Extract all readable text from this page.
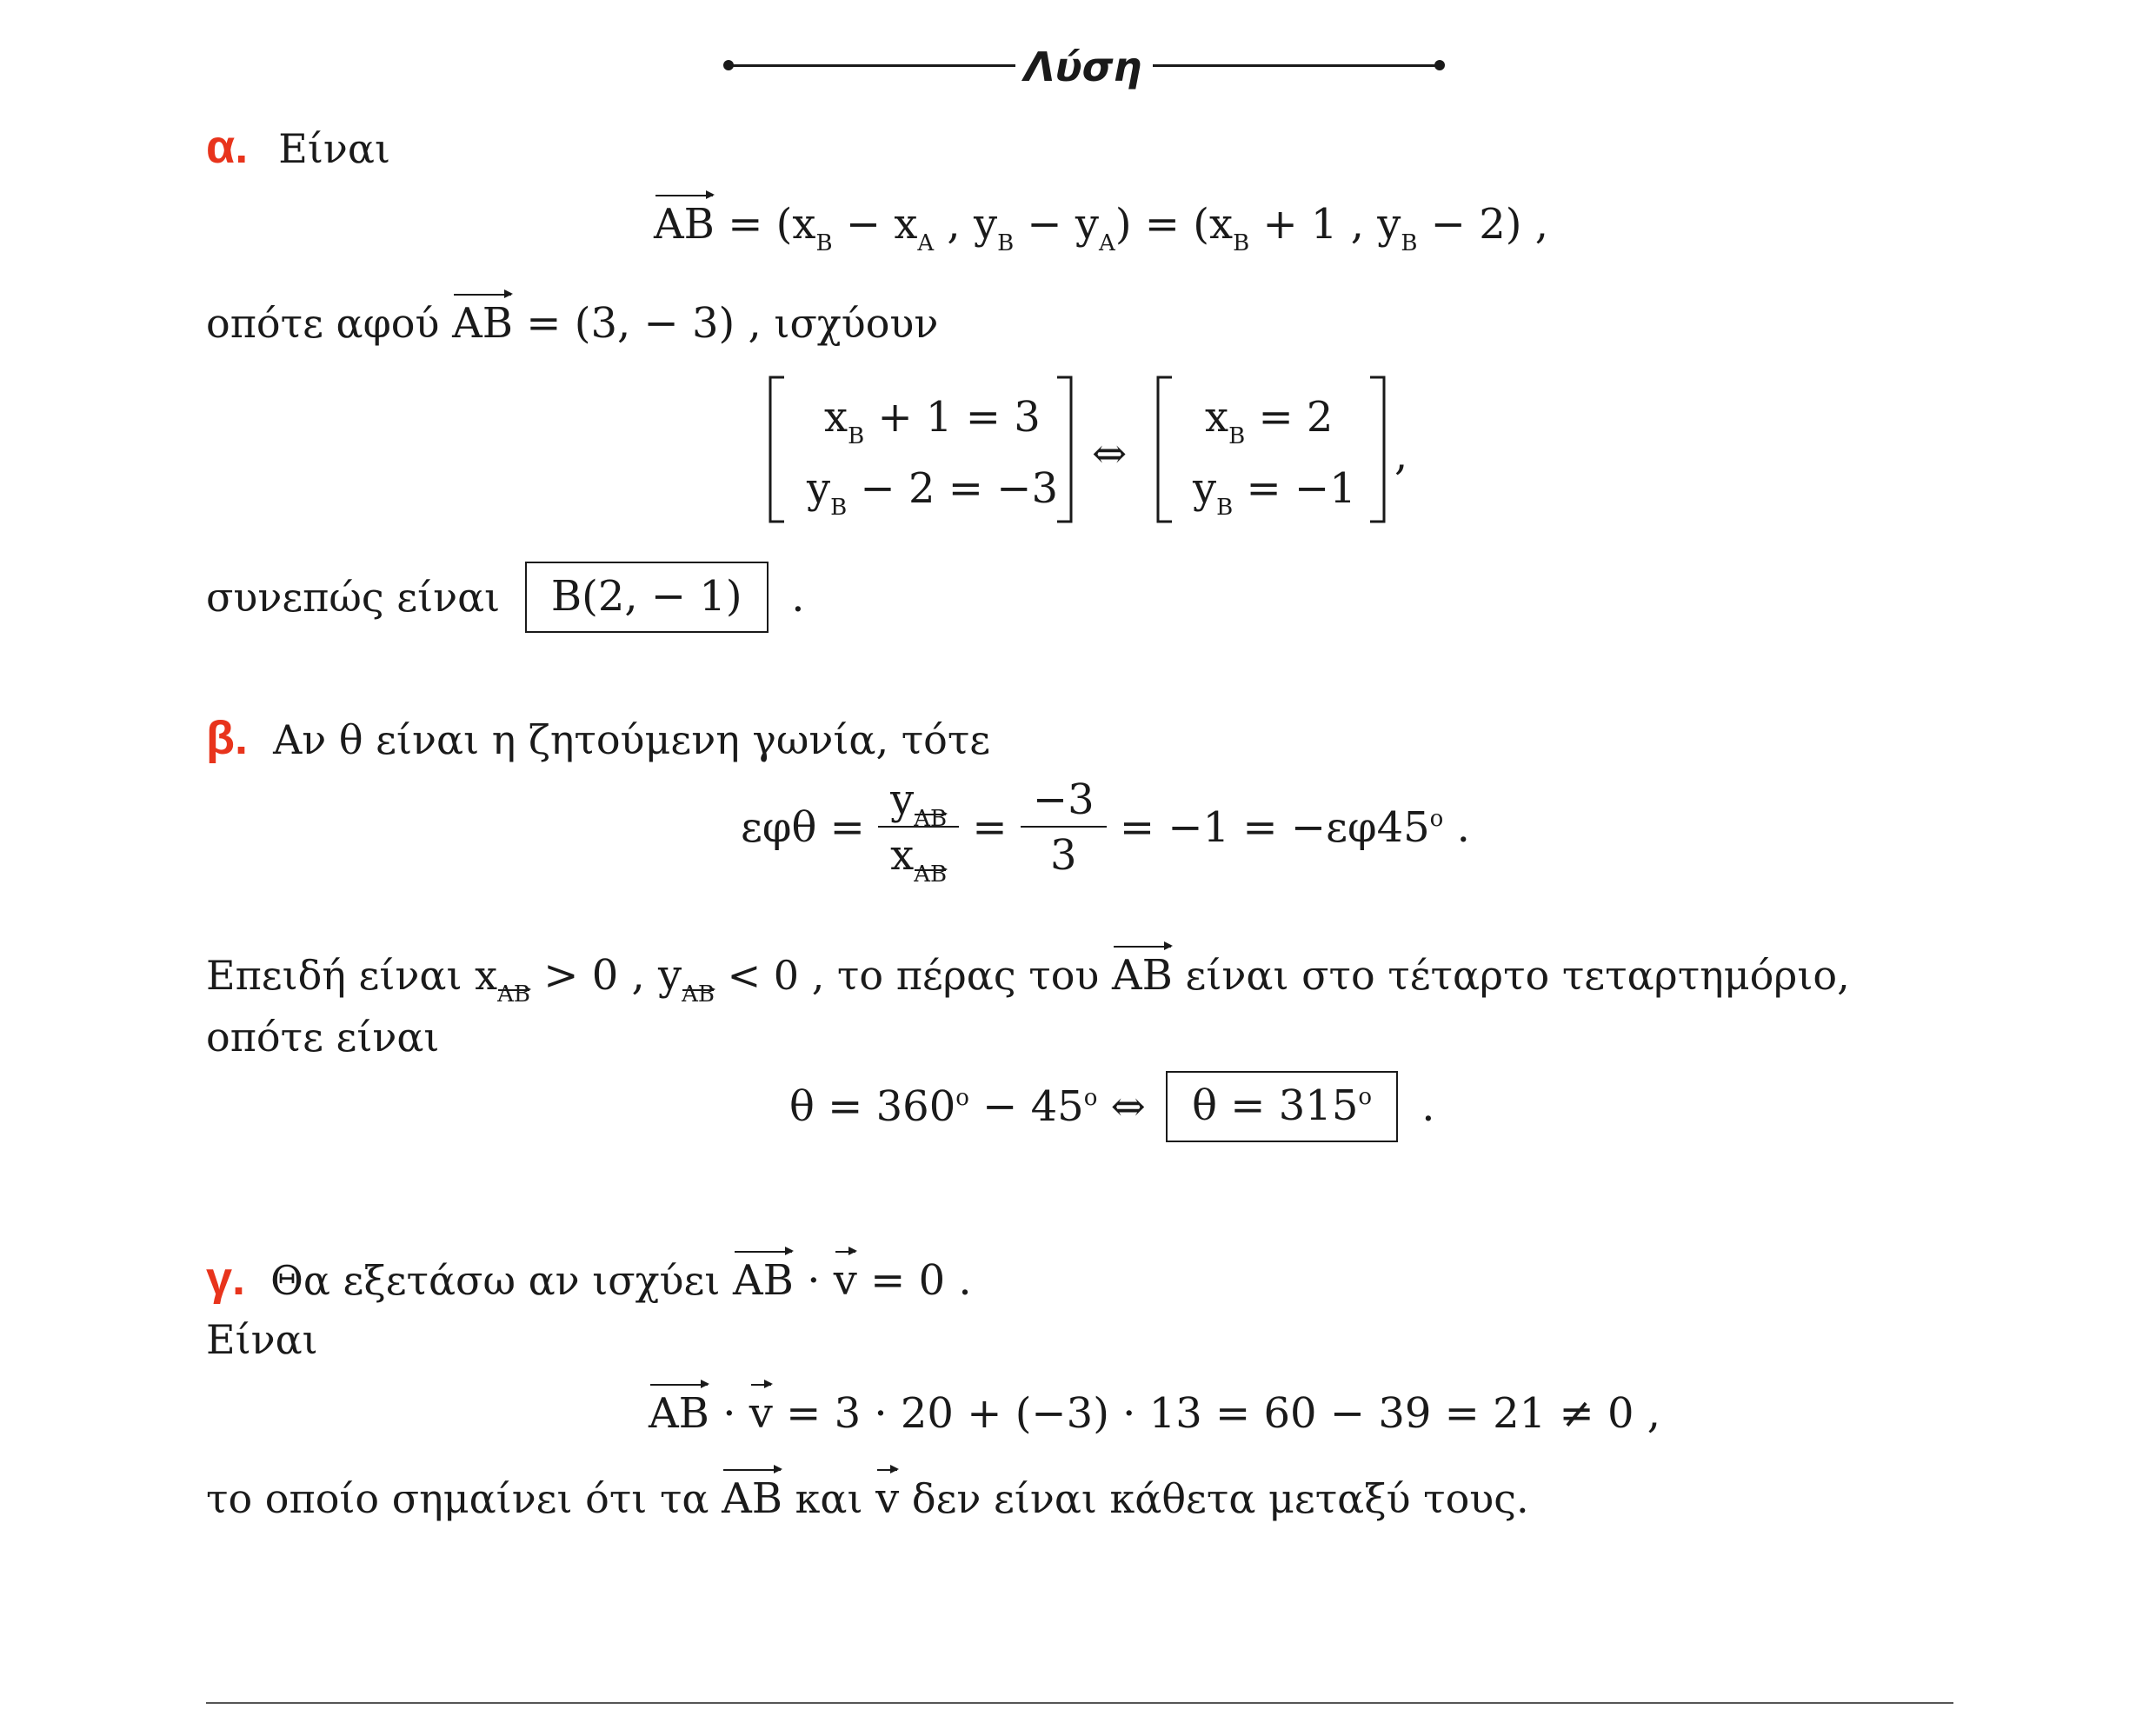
Λύση
α. Είναι
AB = ($x_B - x_A$ , $y_B - y_A) = (x_B + 1$ , $y_B - 2$) ,
οπότε αφού AB = (3, − 3) , ισχύουν
$x_B + 1 = 3$
$y_B - 2 = -3$
⇔
$x_B = 2$
$y_B = -1$
,
συνεπώς είναι B(2, − 1) .
β. Αν θ είναι η ζητούμενη γωνία, τότε
$\varepsilon\varphi\theta = \frac{y_{AB}}{x_{AB}} = \frac{-3}{3} = -1 = -\varepsilon\varphi 45^o$ .
Επειδή είναι $x_{AB} > 0$ , $y_{AB} < 0$ , το πέρας του AB είναι στο τέταρτο τεταρτημόριο,
οπότε είναι
$\theta = 360^o - 45^o$ ⇔ $\theta = 315^o$ .
γ. Θα εξετάσω αν ισχύει AB · v = 0 .
Είναι
AB · v = 3 · 20 + (−3) · 13 = 60 − 39 = 21 ≠ 0 ,
το οποίο σημαίνει ότι τα AB και v δεν είναι κάθετα μεταξύ τους.
